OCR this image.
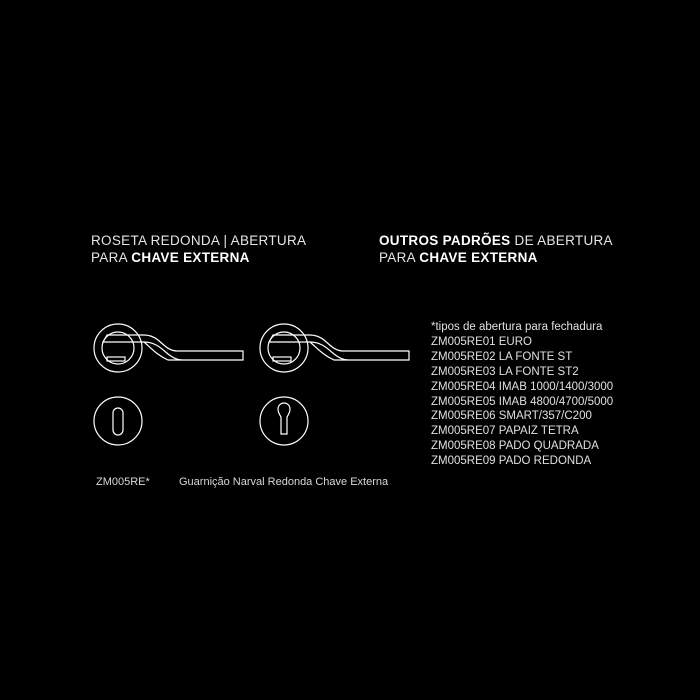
ROSETA REDONDA | ABERTURA
PARA CHAVE EXTERNA
OUTROS PADRÕES DE ABERTURA
PARA CHAVE EXTERNA
*tipos de abertura para fechadura
ZM005RE01 EURO
ZM005RE02 LA FONTE ST
ZM005RE03 LA FONTE ST2
ZM005RE04 IMAB 1000/1400/3000
ZM005RE05 IMAB 4800/4700/5000
ZM005RE06 SMART/357/C200
ZM005RE07 PAPAIZ TETRA
ZM005RE08 PADO QUADRADA
ZM005RE09 PADO REDONDA
ZM005RE*	Guarnição Narval Redonda Chave Externa
